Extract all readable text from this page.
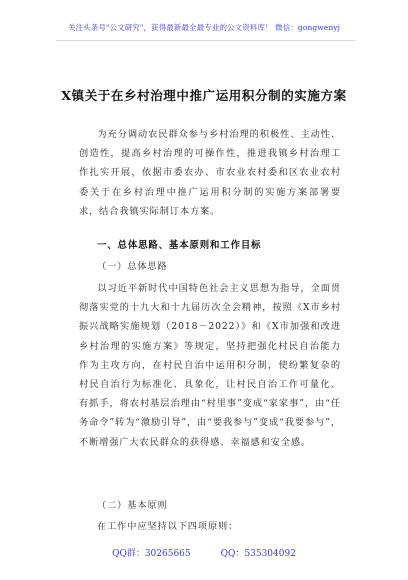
关注头条号"公文研究"，获得最新最全最专业的公文资料库！ 微信：gongwenyj
X镇关于在乡村治理中推广运用积分制的实施方案

为充分调动农民群众参与乡村治理的积极性、主动性、创造性，提高乡村治理的可操作性，推进我镇乡村治理工作扎实开展，依据市委农办、市农业农村委和区农业农村委关于在乡村治理中推广运用积分制的实施方案部署要求，结合我镇实际制订本方案。

一、总体思路、基本原则和工作目标
（一）总体思路

以习近平新时代中国特色社会主义思想为指导，全面贯彻落实党的十九大和十九届历次全会精神，按照《X市乡村振兴战略实施规划（2018－2022）》和《X市加强和改进乡村治理的实施方案》等规定，坚持把强化村民自治能力作为主攻方向，在村民自治中运用积分制，使纷繁复杂的村民自治行为标准化、具象化，让村民自治工作可量化、有抓手，将农村基层治理由“村里事”变成“家家事”，由“任务命令”转为“激励引导”，由“要我参与”变成“我要参与”，不断增强广大农民群众的获得感、幸福感和安全感。

（二）基本原则
在工作中应坚持以下四项原则：
QQ群：30265665	QQ：535304092
